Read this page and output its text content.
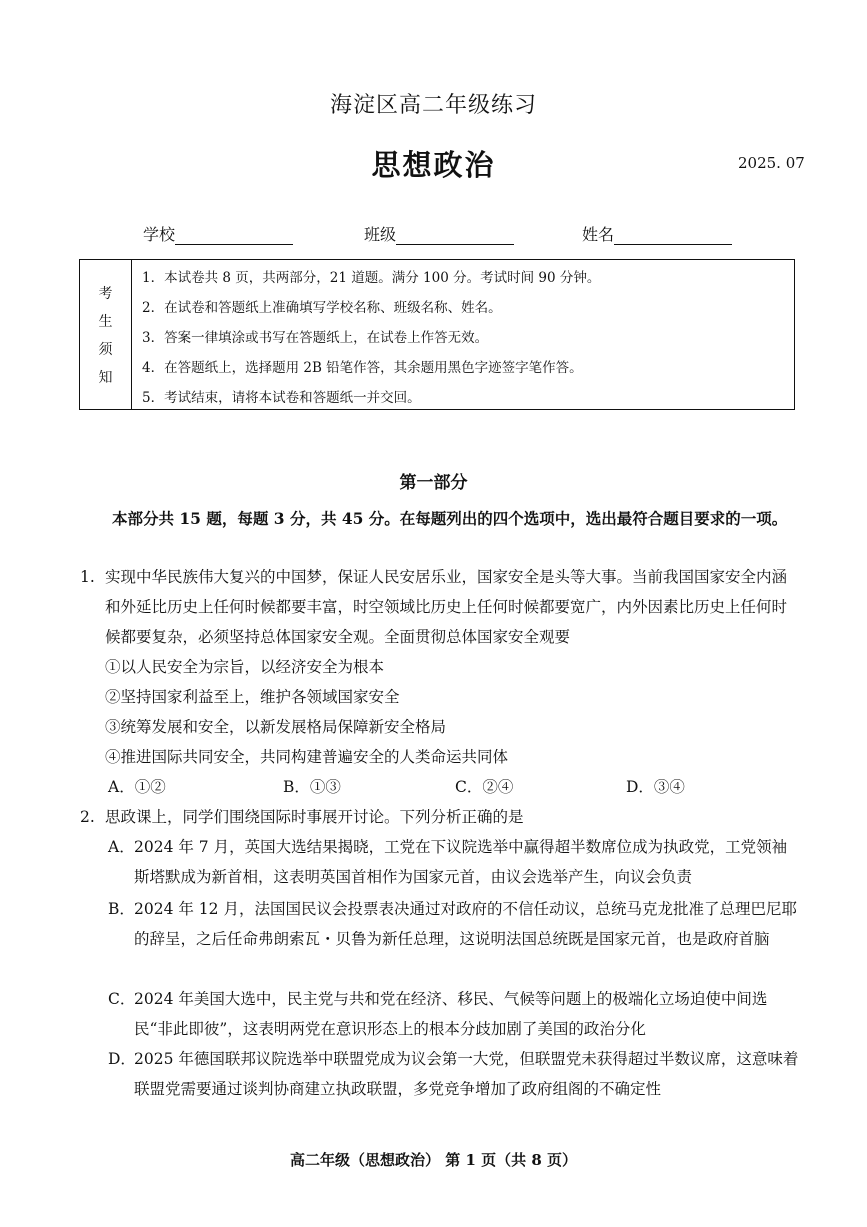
海淀区高二年级练习
思想政治	2025. 07
学校	班级	姓名
考
生
须
知
1．本试卷共 8 页，共两部分，21 道题。满分 100 分。考试时间 90 分钟。
2．在试卷和答题纸上准确填写学校名称、班级名称、姓名。
3．答案一律填涂或书写在答题纸上，在试卷上作答无效。
4．在答题纸上，选择题用 2B 铅笔作答，其余题用黑色字迹签字笔作答。
5．考试结束，请将本试卷和答题纸一并交回。
第一部分
本部分共 15 题，每题 3 分，共 45 分。在每题列出的四个选项中，选出最符合题目要求的一项。
1. 实现中华民族伟大复兴的中国梦，保证人民安居乐业，国家安全是头等大事。当前我国国家安全内涵和外延比历史上任何时候都要丰富，时空领域比历史上任何时候都要宽广，内外因素比历史上任何时候都要复杂，必须坚持总体国家安全观。全面贯彻总体国家安全观要
①以人民安全为宗旨，以经济安全为根本
②坚持国家利益至上，维护各领域国家安全
③统筹发展和安全，以新发展格局保障新安全格局
④推进国际共同安全，共同构建普遍安全的人类命运共同体
A．①②	B．①③	C．②④	D．③④
2. 思政课上，同学们围绕国际时事展开讨论。下列分析正确的是
A． 2024 年 7 月，英国大选结果揭晓，工党在下议院选举中赢得超半数席位成为执政党，工党领袖斯塔默成为新首相，这表明英国首相作为国家元首，由议会选举产生，向议会负责
B． 2024 年 12 月，法国国民议会投票表决通过对政府的不信任动议，总统马克龙批准了总理巴尼耶的辞呈，之后任命弗朗索瓦・贝鲁为新任总理，这说明法国总统既是国家元首，也是政府首脑
C．
2024 年美国大选中，民主党与共和党在经济、移民、气候等问题上的极端化立场迫使中间选民“非此即彼”，这表明两党在意识形态上的根本分歧加剧了美国的政治分化
D．
2025 年德国联邦议院选举中联盟党成为议会第一大党，但联盟党未获得超过半数议席，这意味着联盟党需要通过谈判协商建立执政联盟，多党竞争增加了政府组阁的不确定性
高二年级（思想政治） 第 1 页（共 8 页）
